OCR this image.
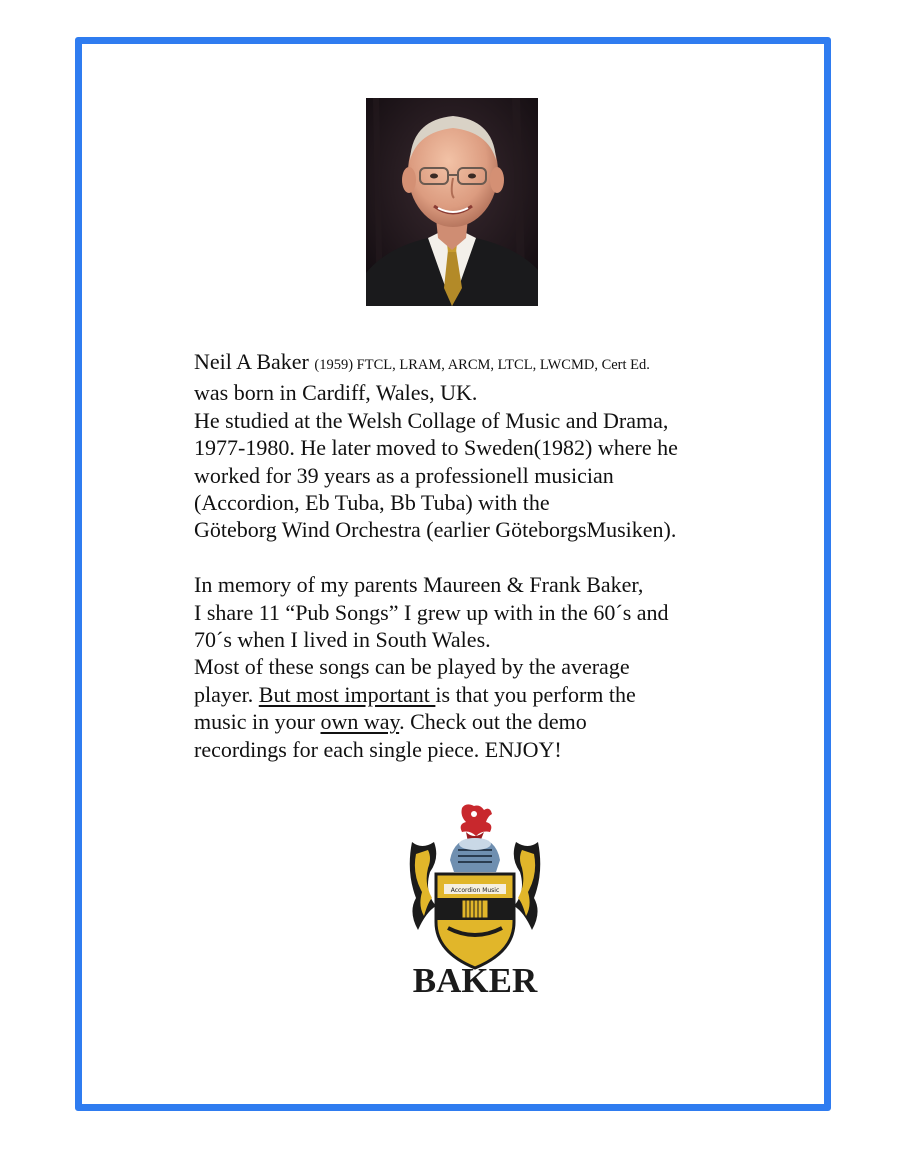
Neil A Baker (1959) FTCL, LRAM, ARCM, LTCL, LWCMD, Cert Ed.

was born in Cardiff, Wales, UK.

He studied at the Welsh Collage of Music and Drama,

1977-1980. He later moved to Sweden(1982) where he

worked for 39 years as a professionell musician

(Accordion, Eb Tuba, Bb Tuba) with the

Göteborg Wind Orchestra (earlier GöteborgsMusiken).

In memory of my parents Maureen & Frank Baker,

I share 11 “Pub Songs” I grew up with in the 60´s and

70´s when I lived in South Wales.

Most of these songs can be played by the average

player. But most important is that you perform the

music in your own way. Check out the demo

recordings for each single piece. ENJOY!

Accordion Music
BAKER
